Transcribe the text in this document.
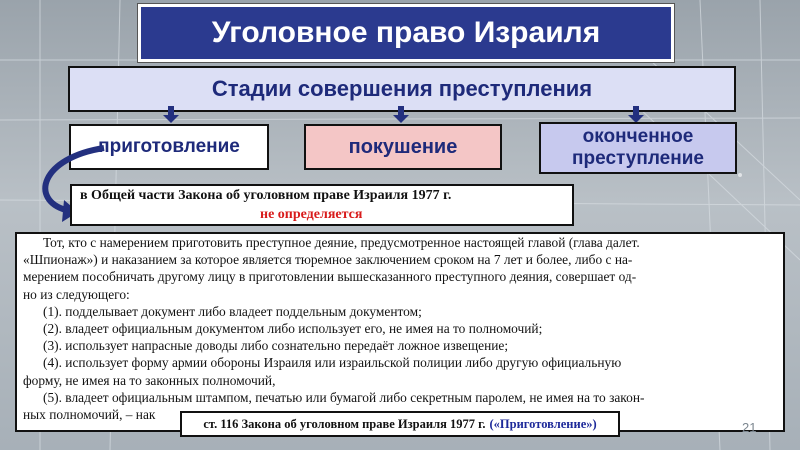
Уголовное право Израиля
Стадии совершения преступления
приготовление	покушение	оконченное
преступление
в Общей части Закона об уголовном праве Израиля 1977 г.
не определяется

Тот, кто с намерением приготовить преступное деяние, предусмотренное настоящей главой (глава далет.

«Шпионаж») и наказанием за которое является тюремное заключением сроком на 7 лет и более, либо с на-

мерением пособничать другому лицу в приготовлении вышесказанного преступного деяния, совершает од-

но из следующего:

(1). подделывает документ либо владеет поддельным документом;

(2). владеет официальным документом либо использует его, не имея на то полномочий;

(3). использует напрасные доводы либо сознательно передаёт ложное извещение;

(4). использует форму армии обороны Израиля или израильской полиции либо другую официальную

форму, не имея на то законных полномочий,

(5). владеет официальным штампом, печатью или бумагой либо секретным паролем, не имея на то закон-

ных полномочий, – нак

ст. 116 Закона об уголовном праве Израиля 1977 г. («Приготовление»)	21
